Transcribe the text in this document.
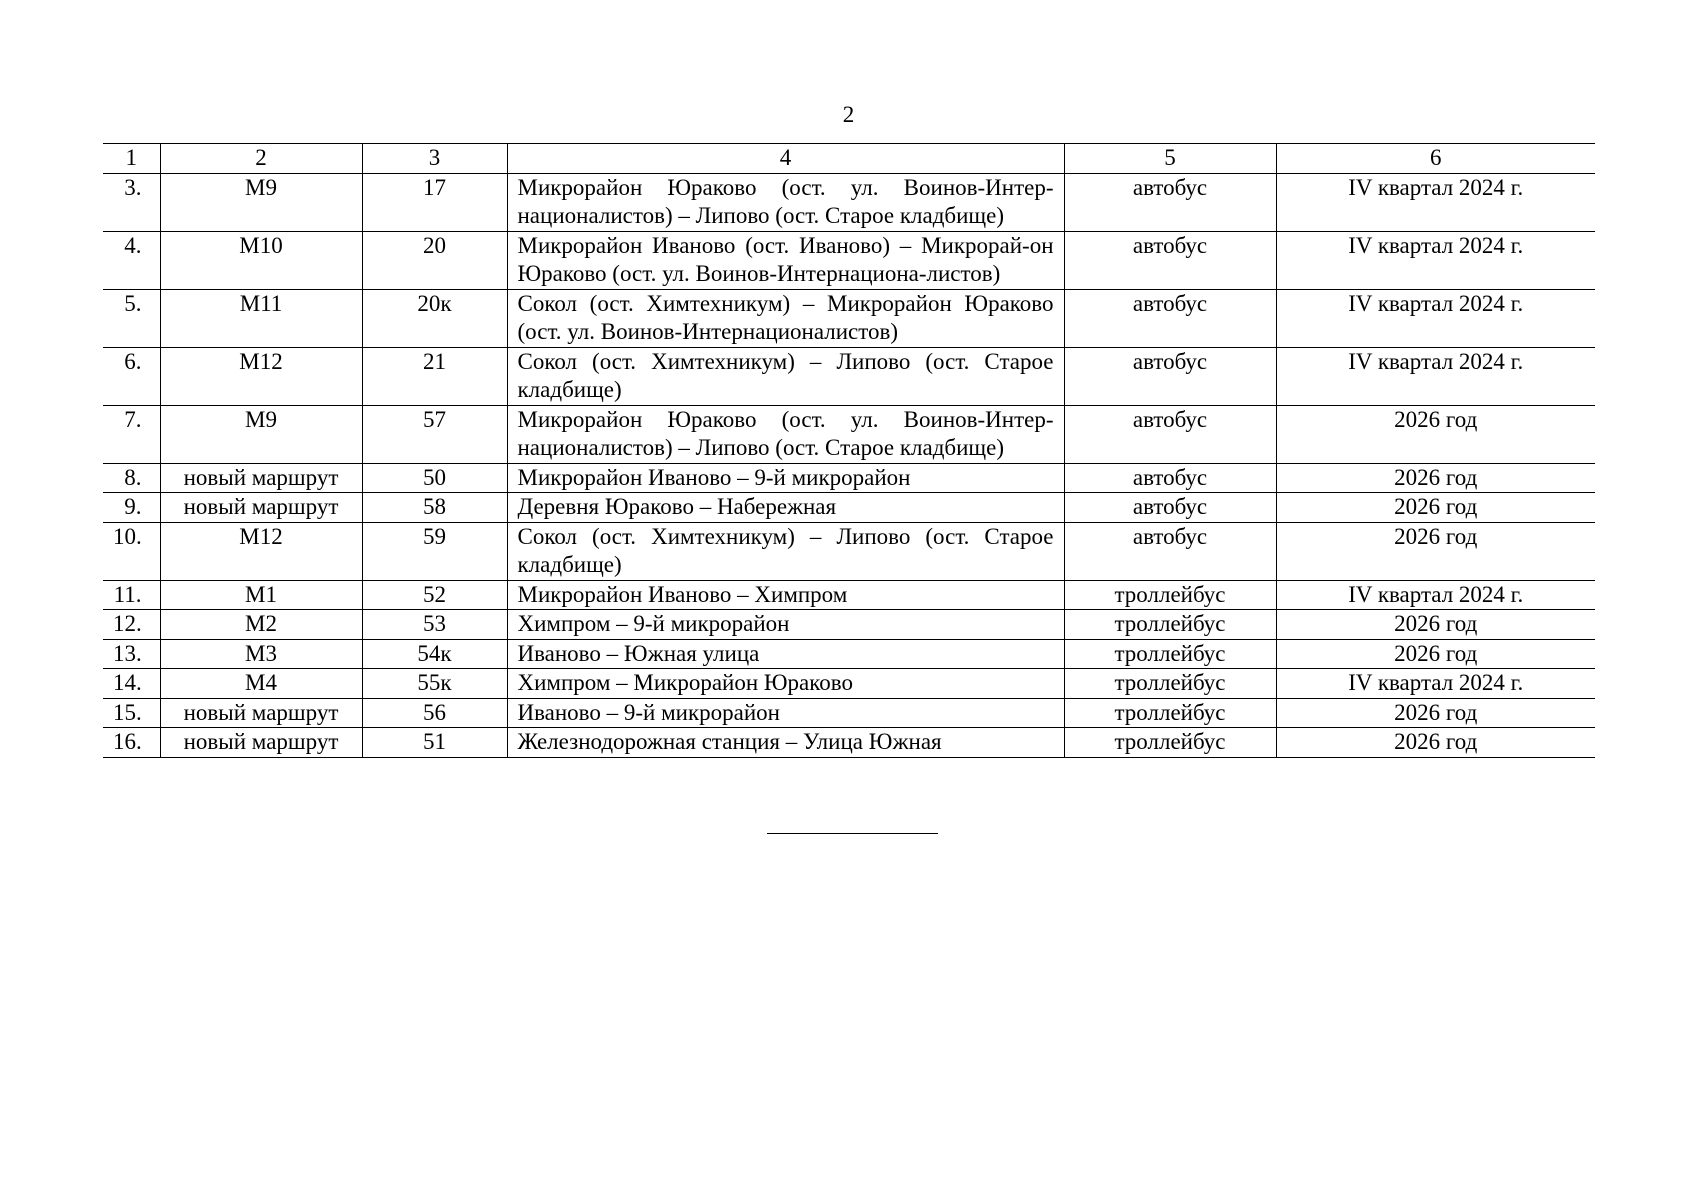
2
1	2	3	4	5	6
3.	М9	17	Микрорайон Юраково (ост. ул. Воинов-Интер-националистов) – Липово (ост. Старое кладбище)	автобус	IV квартал 2024 г.
4.	М10	20	Микрорайон Иваново (ост. Иваново) – Микрорай-он Юраково (ост. ул. Воинов-Интернациона-листов)	автобус	IV квартал 2024 г.
5.	М11	20к	Сокол (ост. Химтехникум) – Микрорайон Юраково (ост. ул. Воинов-Интернационалистов)	автобус	IV квартал 2024 г.
6.	М12	21	Сокол (ост. Химтехникум) – Липово (ост. Старое кладбище)	автобус	IV квартал 2024 г.
7.	М9	57	Микрорайон Юраково (ост. ул. Воинов-Интер-националистов) – Липово (ост. Старое кладбище)	автобус	2026 год
8.	новый маршрут	50	Микрорайон Иваново – 9-й микрорайон	автобус	2026 год
9.	новый маршрут	58	Деревня Юраково – Набережная	автобус	2026 год
10.	М12	59	Сокол (ост. Химтехникум) – Липово (ост. Старое кладбище)	автобус	2026 год
11.	М1	52	Микрорайон Иваново – Химпром	троллейбус	IV квартал 2024 г.
12.	М2	53	Химпром – 9-й микрорайон	троллейбус	2026 год
13.	М3	54к	Иваново – Южная улица	троллейбус	2026 год
14.	М4	55к	Химпром – Микрорайон Юраково	троллейбус	IV квартал 2024 г.
15.	новый маршрут	56	Иваново – 9-й микрорайон	троллейбус	2026 год
16.	новый маршрут	51	Железнодорожная станция – Улица Южная	троллейбус	2026 год
